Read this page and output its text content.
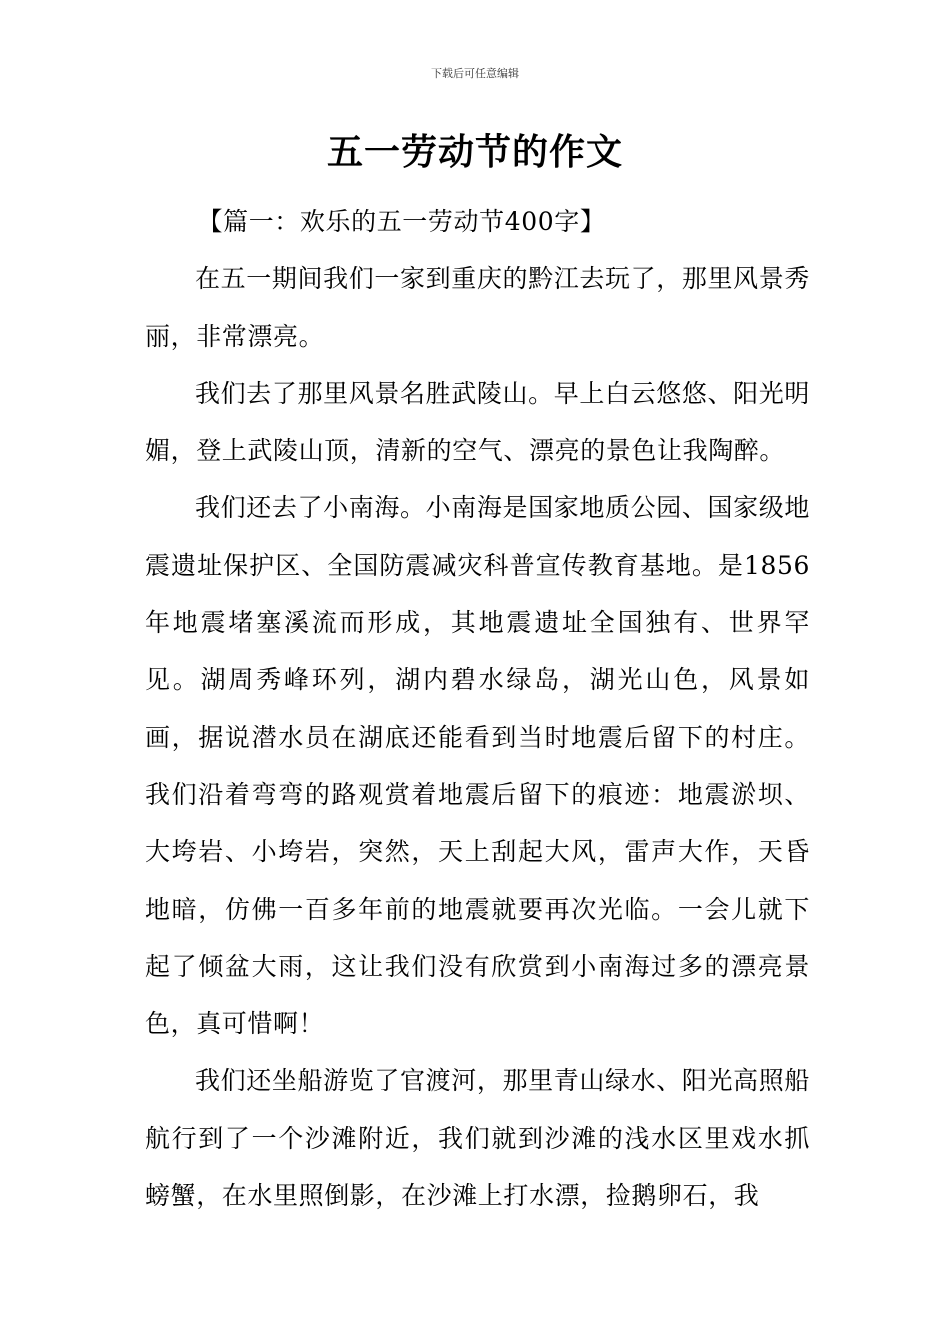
下载后可任意编辑
五一劳动节的作文

【篇一：欢乐的五一劳动节400字】

在五一期间我们一家到重庆的黔江去玩了，那里风景秀丽，非常漂亮。

我们去了那里风景名胜武陵山。早上白云悠悠、阳光明媚，登上武陵山顶，清新的空气、漂亮的景色让我陶醉。

我们还去了小南海。小南海是国家地质公园、国家级地震遗址保护区、全国防震减灾科普宣传教育基地。是1856年地震堵塞溪流而形成，其地震遗址全国独有、世界罕见。湖周秀峰环列，湖内碧水绿岛，湖光山色，风景如画，据说潜水员在湖底还能看到当时地震后留下的村庄。我们沿着弯弯的路观赏着地震后留下的痕迹：地震淤坝、大垮岩、小垮岩，突然，天上刮起大风，雷声大作，天昏地暗，仿佛一百多年前的地震就要再次光临。一会儿就下起了倾盆大雨，这让我们没有欣赏到小南海过多的漂亮景色，真可惜啊！

我们还坐船游览了官渡河，那里青山绿水、阳光高照船航行到了一个沙滩附近，我们就到沙滩的浅水区里戏水抓螃蟹，在水里照倒影，在沙滩上打水漂，捡鹅卵石，我
